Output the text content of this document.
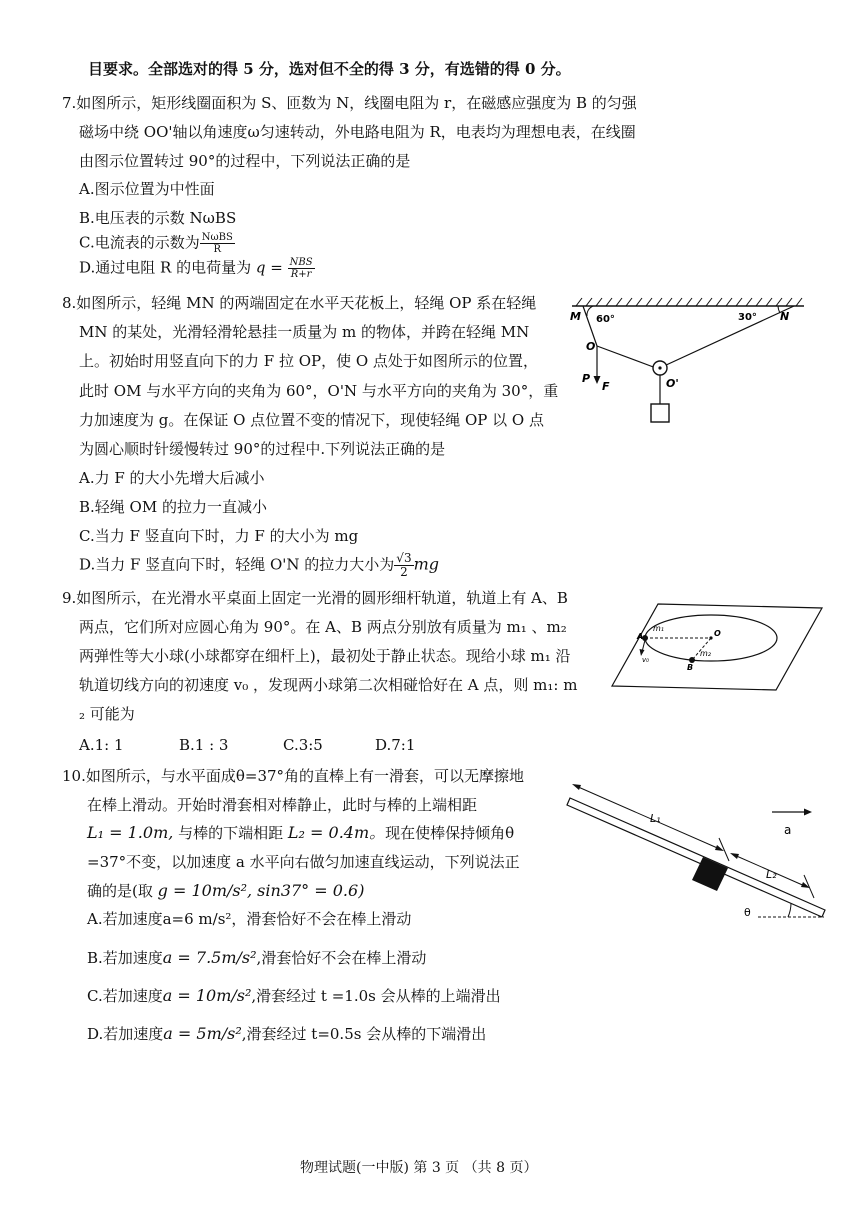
目要求。全部选对的得 5 分，选对但不全的得 3 分，有选错的得 0 分。
7.如图所示，矩形线圈面积为 S、匝数为 N，线圈电阻为 r，在磁感应强度为 B 的匀强
磁场中绕 OO'轴以角速度ω匀速转动，外电路电阻为 R，电表均为理想电表，在线圈
由图示位置转过 90°的过程中，下列说法正确的是
A.图示位置为中性面
B.电压表的示数 NωBS
C.电流表的示数为 $\frac{\text{NωBS}}{R}$
D.通过电阻 R 的电荷量为 $q = \frac{\text{NBS}}{R+r}$
8.如图所示，轻绳 MN 的两端固定在水平天花板上，轻绳 OP 系在轻绳
MN 的某处，光滑轻滑轮悬挂一质量为 m 的物体，并跨在轻绳 MN
上。初始时用竖直向下的力 F 拉 OP，使 O 点处于如图所示的位置，
此时 OM 与水平方向的夹角为 60°，O'N 与水平方向的夹角为 30°，重
力加速度为 g。在保证 O 点位置不变的情况下，现使轻绳 OP 以 O 点
为圆心顺时针缓慢转过 90°的过程中.下列说法正确的是
A.力 F 的大小先增大后减小
B.轻绳 OM 的拉力一直减小
C.当力 F 竖直向下时，力 F 的大小为 mg
D.当力 F 竖直向下时，轻绳 O'N 的拉力大小为 $\frac{√3}{2}$ mg
M 60°	30° N
O
O'
P
F
9.如图所示，在光滑水平桌面上固定一光滑的圆形细杆轨道，轨道上有 A、B
两点，它们所对应圆心角为 90°。在 A、B 两点分别放有质量为 m₁ 、m₂
两弹性等大小球(小球都穿在细杆上)，最初处于静止状态。现给小球 m₁ 沿
轨道切线方向的初速度 v₀ ，发现两小球第二次相碰恰好在 A 点，则 m₁: m
₂ 可能为
A.1: 1	B.1 : 3	C.3:5	D.7:1
A
B
O
m₁
m₂
v₀
10.如图所示，与水平面成θ=37°角的直棒上有一滑套，可以无摩擦地
在棒上滑动。开始时滑套相对棒静止，此时与棒的上端相距
L₁ = 1.0m, 与棒的下端相距 L₂ = 0.4m。现在使棒保持倾角θ
=37°不变，以加速度 a 水平向右做匀加速直线运动，下列说法正
确的是(取 g = 10m/s², sin37° = 0.6)
A.若加速度a=6 m/s²，滑套恰好不会在棒上滑动
B.若加速度a = 7.5m/s²,滑套恰好不会在棒上滑动
C.若加速度a = 10m/s²,滑套经过 t =1.0s 会从棒的上端滑出
D.若加速度a = 5m/s²,滑套经过 t=0.5s 会从棒的下端滑出
L₁
L₂
a
θ
物理试题(一中版) 第 3 页 （共 8 页）
